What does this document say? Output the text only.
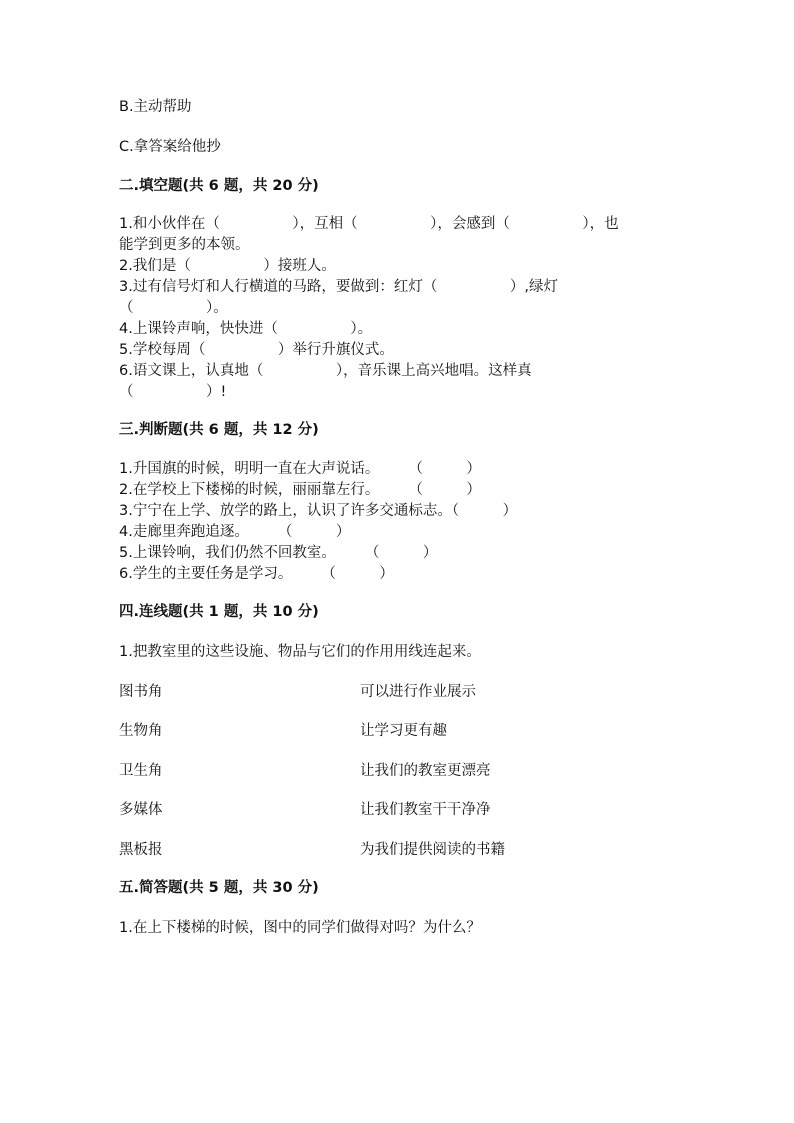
B.主动帮助
C.拿答案给他抄
二.填空题(共 6 题，共 20 分)
1.和小伙伴在（　　　　　），互相（　　　　　），会感到（　　　　　），也
能学到更多的本领。
2.我们是（　　　　　）接班人。
3.过有信号灯和人行横道的马路，要做到：红灯（　　　　　）,绿灯
（　　　　　）。
4.上课铃声响，快快进（　　　　　）。
5.学校每周（　　　　　）举行升旗仪式。
6.语文课上，认真地（　　　　　），音乐课上高兴地唱。这样真
（　　　　　）!
三.判断题(共 6 题，共 12 分)
1.升国旗的时候，明明一直在大声说话。　　　（　　　）
2.在学校上下楼梯的时候，丽丽靠左行。　　　（　　　）
3.宁宁在上学、放学的路上，认识了许多交通标志。（　　　）
4.走廊里奔跑追逐。　　　（　　　）
5.上课铃响，我们仍然不回教室。　　　（　　　）
6.学生的主要任务是学习。　　　（　　　）
四.连线题(共 1 题，共 10 分)
1.把教室里的这些设施、物品与它们的作用用线连起来。
图书角	可以进行作业展示
生物角	让学习更有趣
卫生角	让我们的教室更漂亮
多媒体	让我们教室干干净净
黑板报	为我们提供阅读的书籍
五.简答题(共 5 题，共 30 分)
1.在上下楼梯的时候，图中的同学们做得对吗？为什么？
